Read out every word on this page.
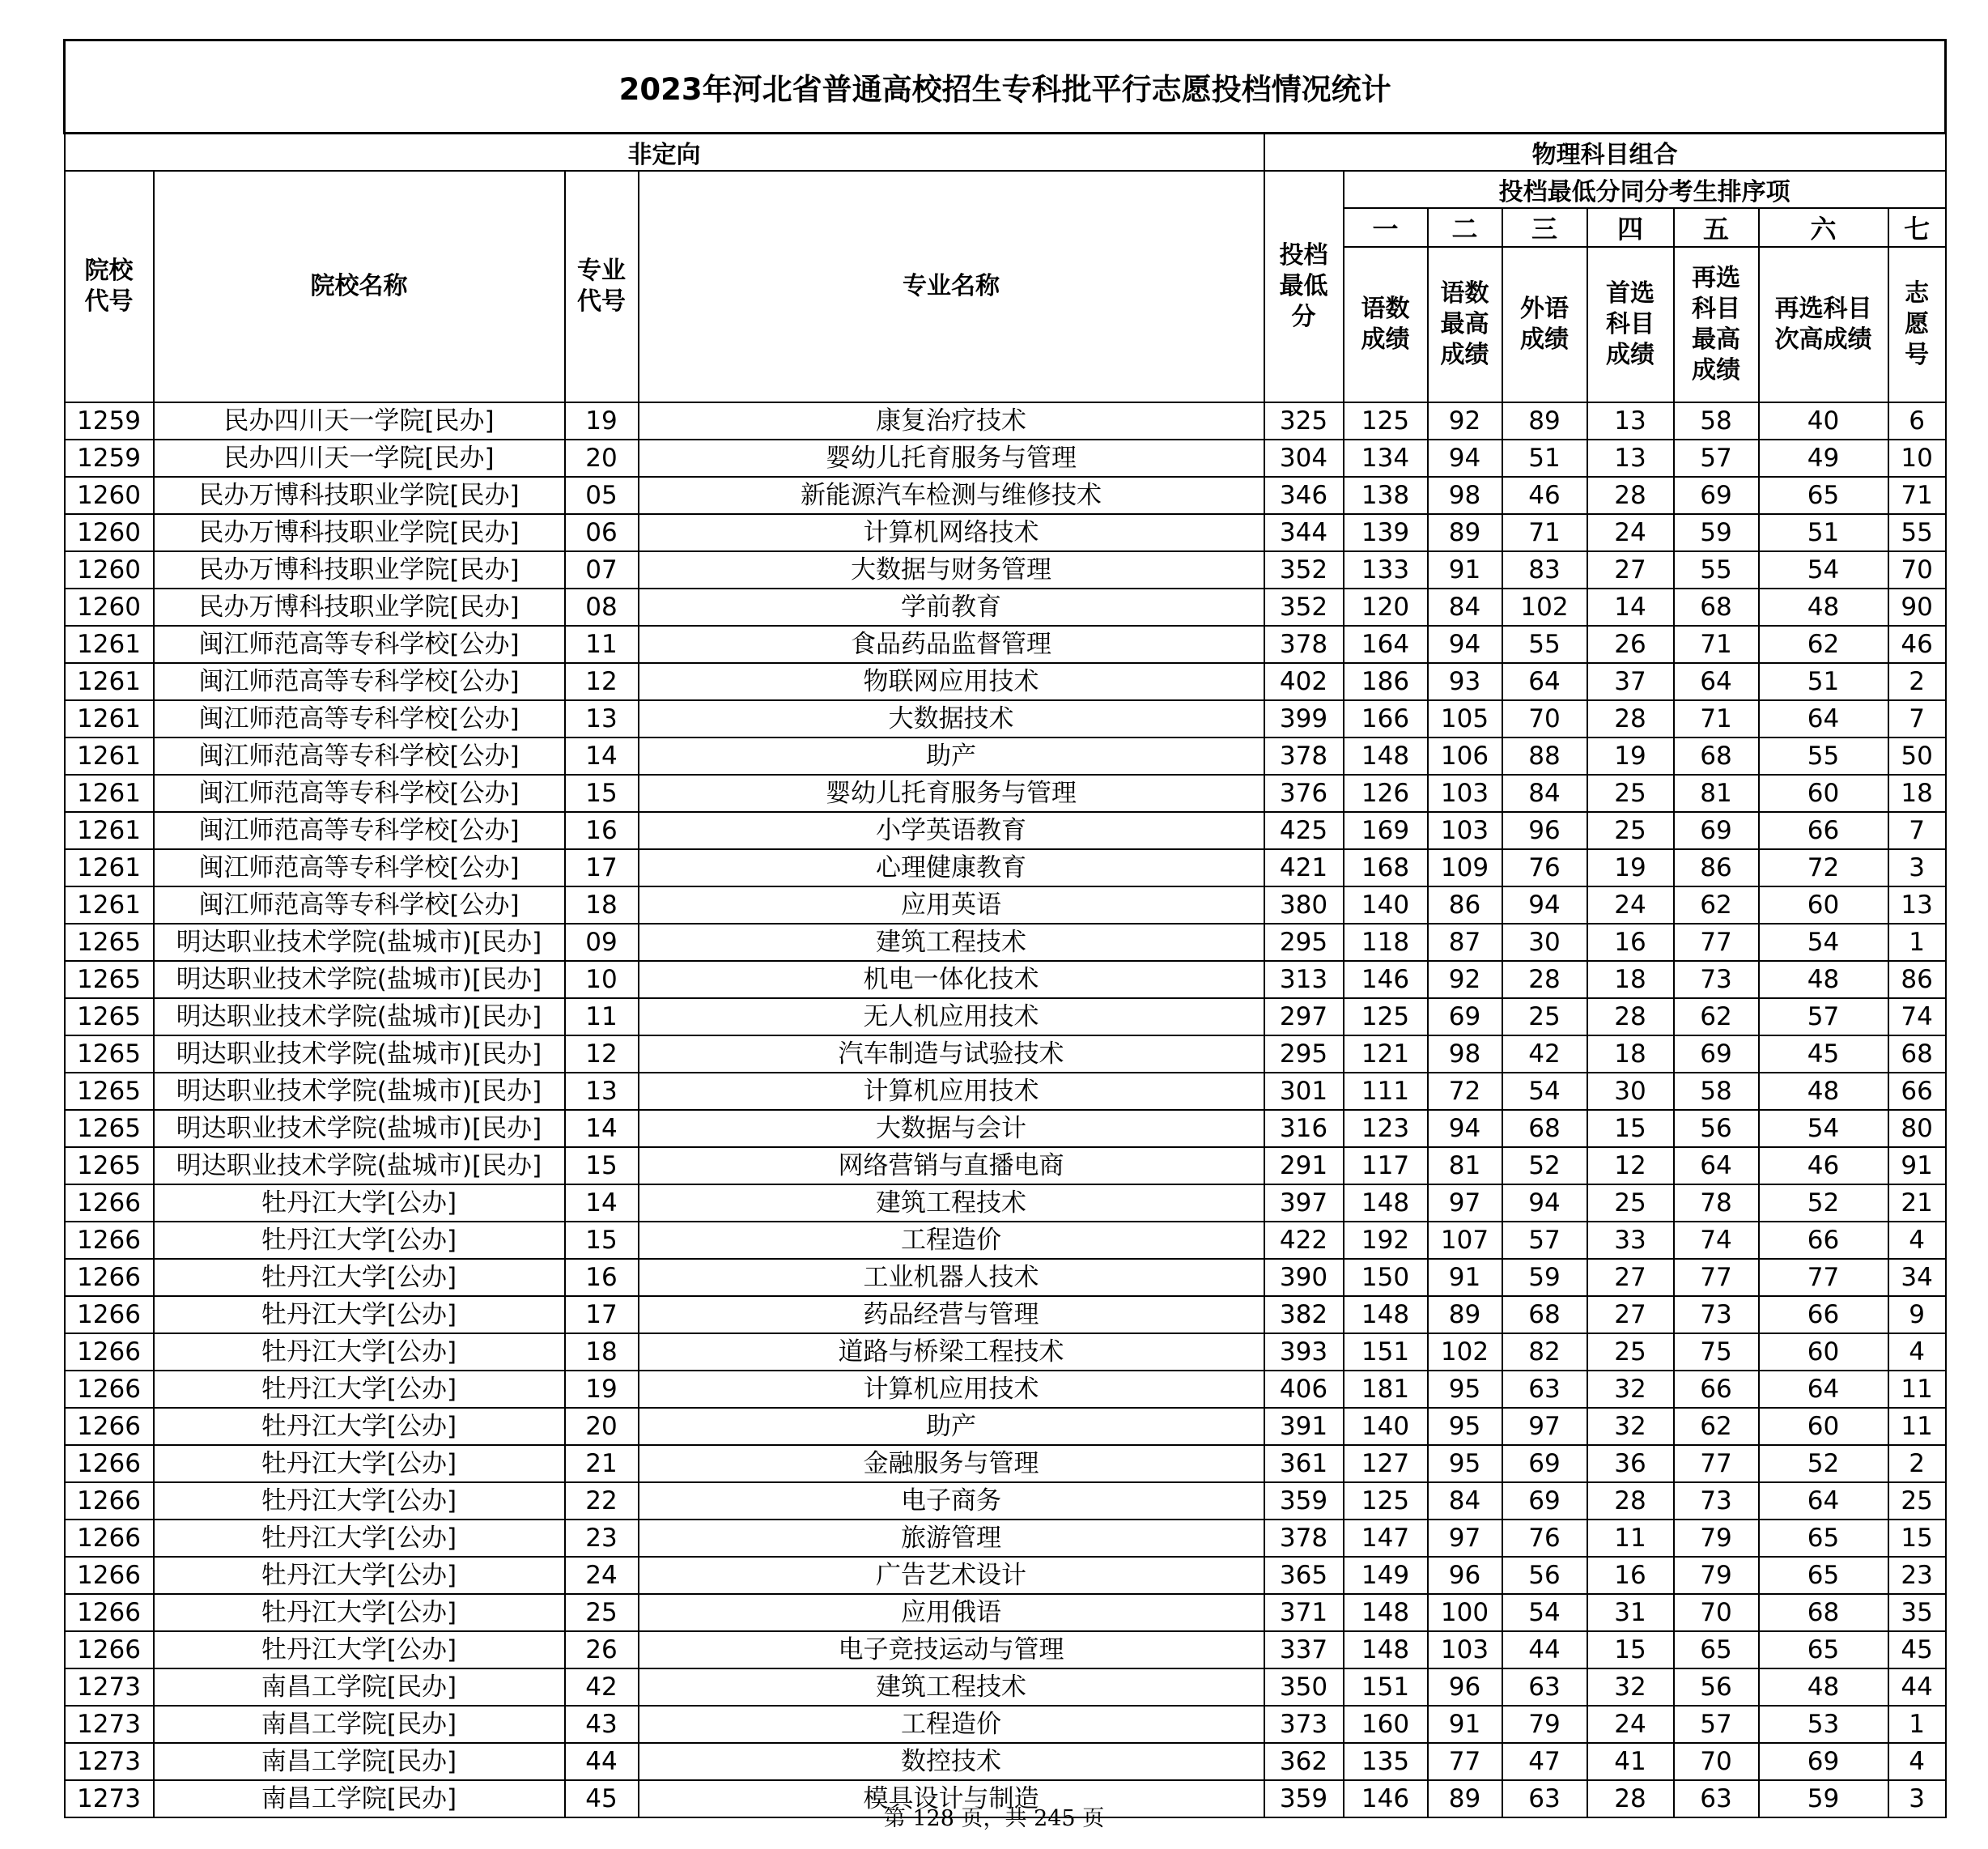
2023年河北省普通高校招生专科批平行志愿投档情况统计											
非定向				物理科目组合							

院校代号	院校名称	专业代号	专业名称	投档最低分	投档最低分同分考生排序项						
					一	二	三	四	五	六	七

					语数成绩	语数最高成绩	外语成绩	首选科目成绩	再选科目最高成绩	再选科目次高成绩	志愿号

1259	民办四川天一学院[民办]	19	康复治疗技术	325	125	92	89	13	58	40	6
1259	民办四川天一学院[民办]	20	婴幼儿托育服务与管理	304	134	94	51	13	57	49	10
1260	民办万博科技职业学院[民办]	05	新能源汽车检测与维修技术	346	138	98	46	28	69	65	71
1260	民办万博科技职业学院[民办]	06	计算机网络技术	344	139	89	71	24	59	51	55
1260	民办万博科技职业学院[民办]	07	大数据与财务管理	352	133	91	83	27	55	54	70
1260	民办万博科技职业学院[民办]	08	学前教育	352	120	84	102	14	68	48	90
1261	闽江师范高等专科学校[公办]	11	食品药品监督管理	378	164	94	55	26	71	62	46
1261	闽江师范高等专科学校[公办]	12	物联网应用技术	402	186	93	64	37	64	51	2
1261	闽江师范高等专科学校[公办]	13	大数据技术	399	166	105	70	28	71	64	7
1261	闽江师范高等专科学校[公办]	14	助产	378	148	106	88	19	68	55	50
1261	闽江师范高等专科学校[公办]	15	婴幼儿托育服务与管理	376	126	103	84	25	81	60	18
1261	闽江师范高等专科学校[公办]	16	小学英语教育	425	169	103	96	25	69	66	7
1261	闽江师范高等专科学校[公办]	17	心理健康教育	421	168	109	76	19	86	72	3
1261	闽江师范高等专科学校[公办]	18	应用英语	380	140	86	94	24	62	60	13
1265	明达职业技术学院(盐城市)[民办]	09	建筑工程技术	295	118	87	30	16	77	54	1
1265	明达职业技术学院(盐城市)[民办]	10	机电一体化技术	313	146	92	28	18	73	48	86
1265	明达职业技术学院(盐城市)[民办]	11	无人机应用技术	297	125	69	25	28	62	57	74
1265	明达职业技术学院(盐城市)[民办]	12	汽车制造与试验技术	295	121	98	42	18	69	45	68
1265	明达职业技术学院(盐城市)[民办]	13	计算机应用技术	301	111	72	54	30	58	48	66
1265	明达职业技术学院(盐城市)[民办]	14	大数据与会计	316	123	94	68	15	56	54	80
1265	明达职业技术学院(盐城市)[民办]	15	网络营销与直播电商	291	117	81	52	12	64	46	91
1266	牡丹江大学[公办]	14	建筑工程技术	397	148	97	94	25	78	52	21
1266	牡丹江大学[公办]	15	工程造价	422	192	107	57	33	74	66	4
1266	牡丹江大学[公办]	16	工业机器人技术	390	150	91	59	27	77	77	34
1266	牡丹江大学[公办]	17	药品经营与管理	382	148	89	68	27	73	66	9
1266	牡丹江大学[公办]	18	道路与桥梁工程技术	393	151	102	82	25	75	60	4
1266	牡丹江大学[公办]	19	计算机应用技术	406	181	95	63	32	66	64	11
1266	牡丹江大学[公办]	20	助产	391	140	95	97	32	62	60	11
1266	牡丹江大学[公办]	21	金融服务与管理	361	127	95	69	36	77	52	2
1266	牡丹江大学[公办]	22	电子商务	359	125	84	69	28	73	64	25
1266	牡丹江大学[公办]	23	旅游管理	378	147	97	76	11	79	65	15
1266	牡丹江大学[公办]	24	广告艺术设计	365	149	96	56	16	79	65	23
1266	牡丹江大学[公办]	25	应用俄语	371	148	100	54	31	70	68	35
1266	牡丹江大学[公办]	26	电子竞技运动与管理	337	148	103	44	15	65	65	45
1273	南昌工学院[民办]	42	建筑工程技术	350	151	96	63	32	56	48	44
1273	南昌工学院[民办]	43	工程造价	373	160	91	79	24	57	53	1
1273	南昌工学院[民办]	44	数控技术	362	135	77	47	41	70	69	4
1273	南昌工学院[民办]	45	模具设计与制造	359	146	89	63	28	63	59	3
第 128 页，共 245 页
